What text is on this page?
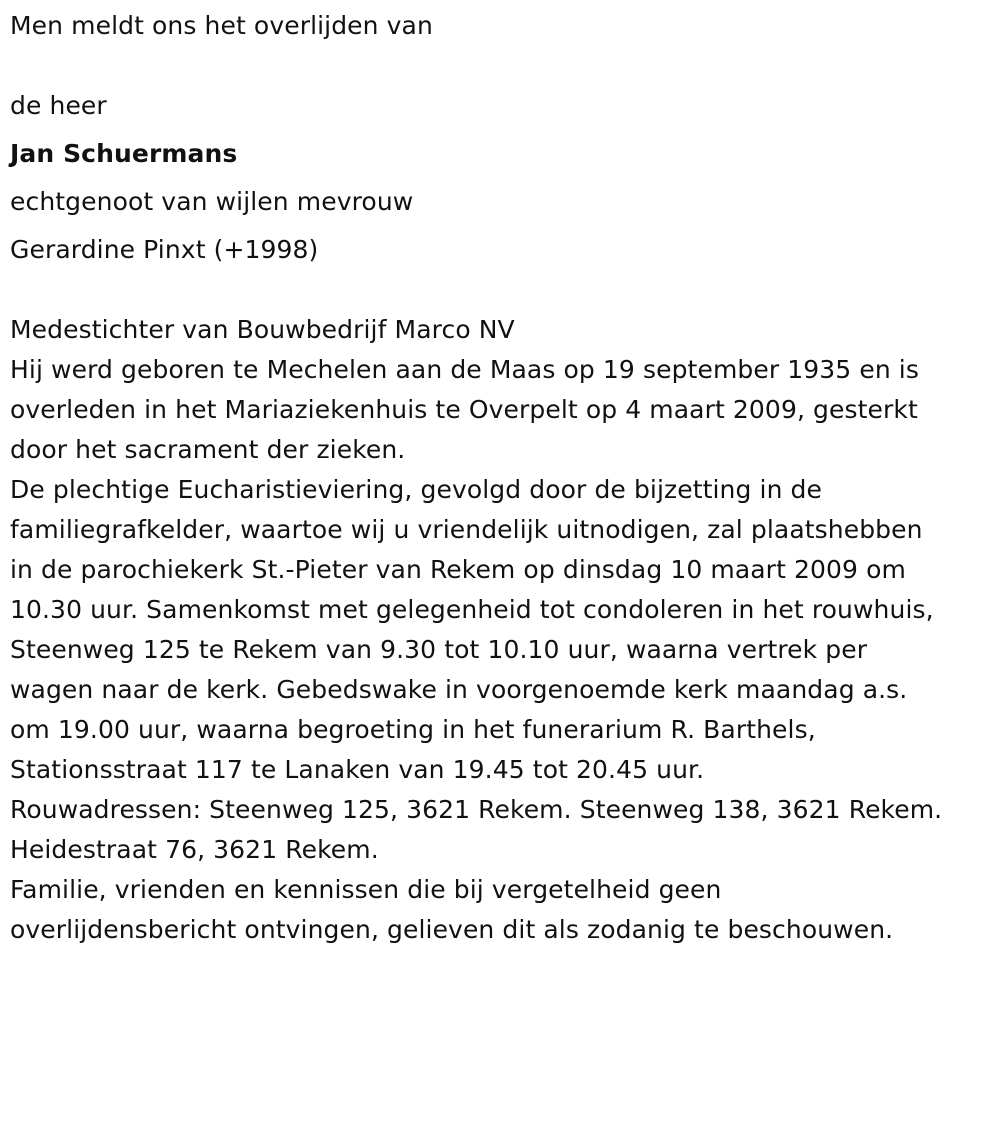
Men meldt ons het overlijden van
de heer
Jan Schuermans
echtgenoot van wijlen mevrouw
Gerardine Pinxt (+1998)
Medestichter van Bouwbedrijf Marco NV
Hij werd geboren te Mechelen aan de Maas op 19 september 1935 en is
overleden in het Mariaziekenhuis te Overpelt op 4 maart 2009, gesterkt
door het sacrament der zieken.
De plechtige Eucharistieviering, gevolgd door de bijzetting in de
familiegrafkelder, waartoe wij u vriendelijk uitnodigen, zal plaatshebben
in de parochiekerk St.-Pieter van Rekem op dinsdag 10 maart 2009 om
10.30 uur. Samenkomst met gelegenheid tot condoleren in het rouwhuis,
Steenweg 125 te Rekem van 9.30 tot 10.10 uur, waarna vertrek per
wagen naar de kerk. Gebedswake in voorgenoemde kerk maandag a.s.
om 19.00 uur, waarna begroeting in het funerarium R. Barthels,
Stationsstraat 117 te Lanaken van 19.45 tot 20.45 uur.
Rouwadressen: Steenweg 125, 3621 Rekem. Steenweg 138, 3621 Rekem.
Heidestraat 76, 3621 Rekem.
Familie, vrienden en kennissen die bij vergetelheid geen
overlijdensbericht ontvingen, gelieven dit als zodanig te beschouwen.
